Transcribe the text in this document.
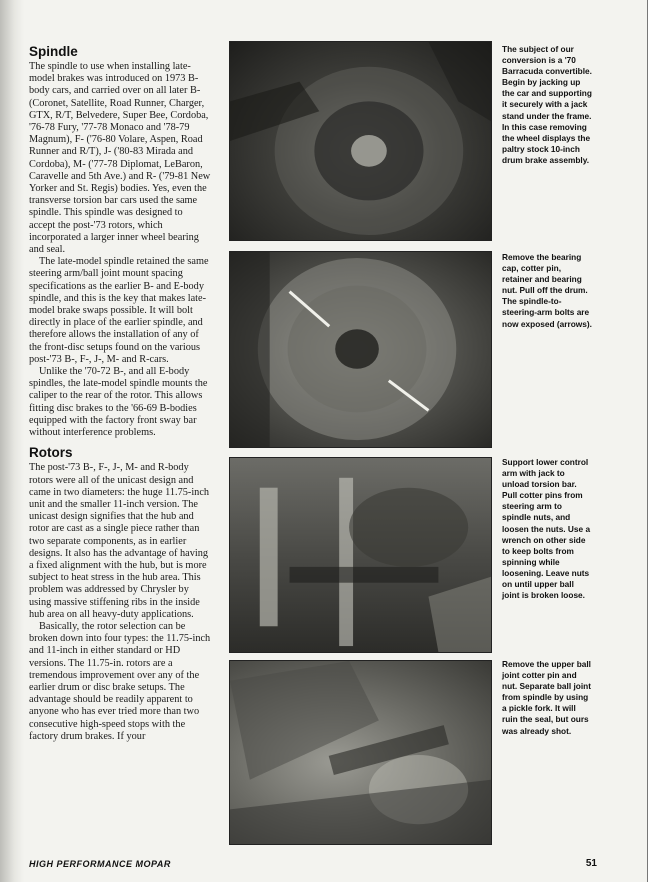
Spindle

The spindle to use when installing late-model brakes was introduced on 1973 B-body cars, and carried over on all later B- (Coronet, Satellite, Road Runner, Charger, GTX, R/T, Belvedere, Super Bee, Cordoba, '76-78 Fury, '77-78 Monaco and '78-79 Magnum), F- ('76-80 Volare, Aspen, Road Runner and R/T), J- ('80-83 Mirada and Cordoba), M- ('77-78 Diplomat, LeBaron, Caravelle and 5th Ave.) and R- ('79-81 New Yorker and St. Regis) bodies. Yes, even the transverse torsion bar cars used the same spindle. This spindle was designed to accept the post-'73 rotors, which incorporated a larger inner wheel bearing and seal.

The late-model spindle retained the same steering arm/ball joint mount spacing specifications as the earlier B- and E-body spindle, and this is the key that makes late-model brake swaps possible. It will bolt directly in place of the earlier spindle, and therefore allows the installation of any of the front-disc setups found on the various post-'73 B-, F-, J-, M- and R-cars.

Unlike the '70-72 B-, and all E-body spindles, the late-model spindle mounts the caliper to the rear of the rotor. This allows fitting disc brakes to the '66-69 B-bodies equipped with the factory front sway bar without interference problems.

Rotors

The post-'73 B-, F-, J-, M- and R-body rotors were all of the unicast design and came in two diameters: the huge 11.75-inch unit and the smaller 11-inch version. The unicast design signifies that the hub and rotor are cast as a single piece rather than two separate components, as in earlier designs. It also has the advantage of having a fixed alignment with the hub, but is more subject to heat stress in the hub area. This problem was addressed by Chrysler by using massive stiffening ribs in the inside hub area on all heavy-duty applications.

Basically, the rotor selection can be broken down into four types: the 11.75-inch and 11-inch in either standard or HD versions. The 11.75-in. rotors are a tremendous improvement over any of the earlier drum or disc brake setups. The advantage should be readily apparent to anyone who has ever tried more than two consecutive high-speed stops with the factory drum brakes. If your

The subject of our conversion is a '70 Barracuda convertible. Begin by jacking up the car and supporting it securely with a jack stand under the frame. In this case removing the wheel displays the paltry stock 10-inch drum brake assembly.
Remove the bearing cap, cotter pin, retainer and bearing nut. Pull off the drum. The spindle-to-steering-arm bolts are now exposed (arrows).
Support lower control arm with jack to unload torsion bar. Pull cotter pins from steering arm to spindle nuts, and loosen the nuts. Use a wrench on other side to keep bolts from spinning while loosening. Leave nuts on until upper ball joint is broken loose.
Remove the upper ball joint cotter pin and nut. Separate ball joint from spindle by using a pickle fork. It will ruin the seal, but ours was already shot.
HIGH PERFORMANCE MOPAR	51
